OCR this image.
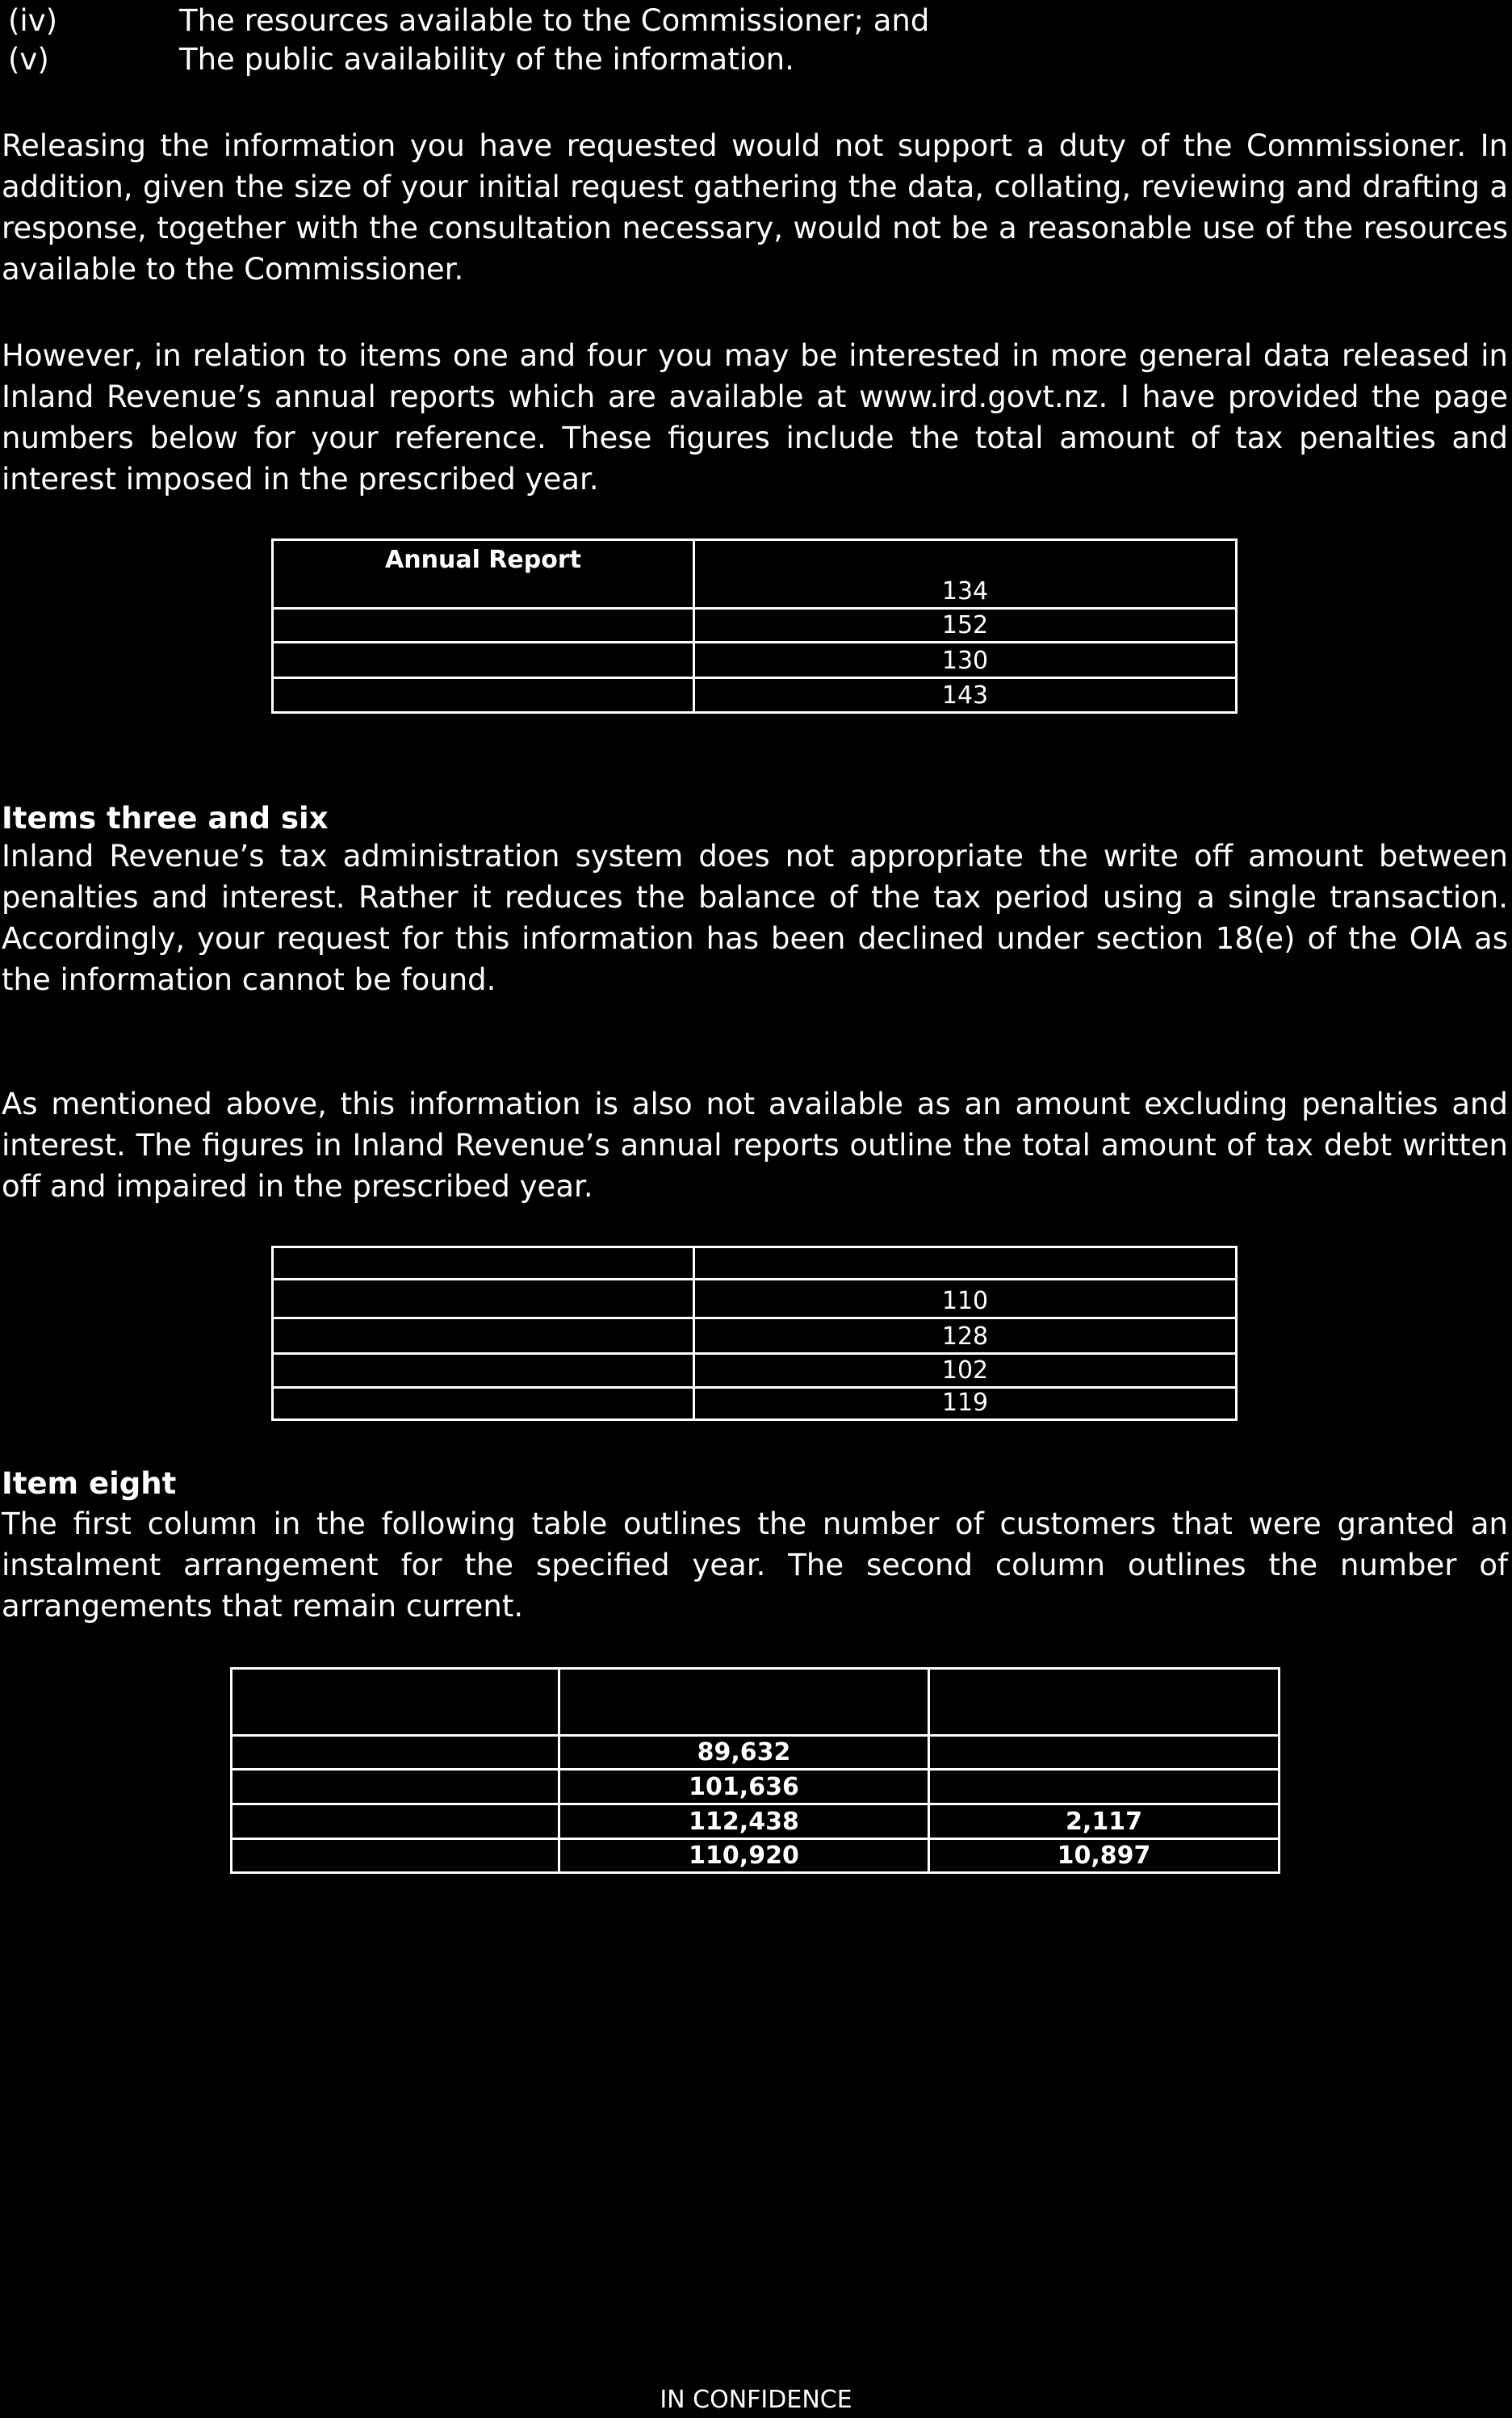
(iv)	The resources available to the Commissioner; and
(v)	The public availability of the information.
Releasing the information you have requested would not support a duty of the Commissioner. In addition, given the size of your initial request gathering the data, collating, reviewing and drafting a response, together with the consultation necessary, would not be a reasonable use of the resources available to the Commissioner.
However, in relation to items one and four you may be interested in more general data released in Inland Revenue’s annual reports which are available at www.ird.govt.nz. I have provided the page numbers below for your reference. These figures include the total amount of tax penalties and interest imposed in the prescribed year.
Annual Report	134
	152
	130
	143
Items three and six
Inland Revenue’s tax administration system does not appropriate the write off amount between penalties and interest. Rather it reduces the balance of the tax period using a single transaction. Accordingly, your request for this information has been declined under section 18(e) of the OIA as the information cannot be found.
As mentioned above, this information is also not available as an amount excluding penalties and interest. The figures in Inland Revenue’s annual reports outline the total amount of tax debt written off and impaired in the prescribed year.

	110
	128
	102
	119
Item eight
The first column in the following table outlines the number of customers that were granted an instalment arrangement for the specified year. The second column outlines the number of arrangements that remain current.

	89,632	
	101,636	
	112,438	2,117
	110,920	10,897
IN CONFIDENCE
